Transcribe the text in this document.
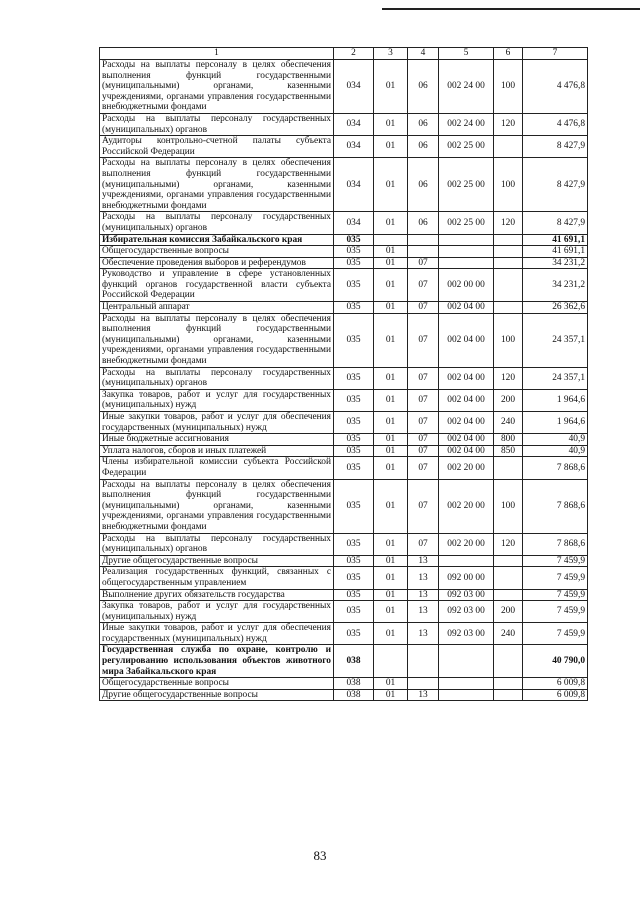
1	2	3	4	5	6	7
Расходы на выплаты персоналу в целях обеспечения выполнения функций государственными (муниципальными) органами, казенными учреждениями, органами управления государственными внебюджетными фондами	034	01	06	002 24 00	100	4 476,8
Расходы на выплаты персоналу государственных (муниципальных) органов	034	01	06	002 24 00	120	4 476,8
Аудиторы контрольно-счетной палаты субъекта Российской Федерации	034	01	06	002 25 00		8 427,9
Расходы на выплаты персоналу в целях обеспечения выполнения функций государственными (муниципальными) органами, казенными учреждениями, органами управления государственными внебюджетными фондами	034	01	06	002 25 00	100	8 427,9
Расходы на выплаты персоналу государственных (муниципальных) органов	034	01	06	002 25 00	120	8 427,9
Избирательная комиссия Забайкальского края	035					41 691,1
Общегосударственные вопросы	035	01				41 691,1
Обеспечение проведения выборов и референдумов	035	01	07			34 231,2
Руководство и управление в сфере установленных функций органов государственной власти субъекта Российской Федерации	035	01	07	002 00 00		34 231,2
Центральный аппарат	035	01	07	002 04 00		26 362,6
Расходы на выплаты персоналу в целях обеспечения выполнения функций государственными (муниципальными) органами, казенными учреждениями, органами управления государственными внебюджетными фондами	035	01	07	002 04 00	100	24 357,1
Расходы на выплаты персоналу государственных (муниципальных) органов	035	01	07	002 04 00	120	24 357,1
Закупка товаров, работ и услуг для государственных (муниципальных) нужд	035	01	07	002 04 00	200	1 964,6
Иные закупки товаров, работ и услуг для обеспечения государственных (муниципальных) нужд	035	01	07	002 04 00	240	1 964,6
Иные бюджетные ассигнования	035	01	07	002 04 00	800	40,9
Уплата налогов, сборов и иных платежей	035	01	07	002 04 00	850	40,9
Члены избирательной комиссии субъекта Российской Федерации	035	01	07	002 20 00		7 868,6
Расходы на выплаты персоналу в целях обеспечения выполнения функций государственными (муниципальными) органами, казенными учреждениями, органами управления государственными внебюджетными фондами	035	01	07	002 20 00	100	7 868,6
Расходы на выплаты персоналу государственных (муниципальных) органов	035	01	07	002 20 00	120	7 868,6
Другие общегосударственные вопросы	035	01	13			7 459,9
Реализация государственных функций, связанных с общегосударственным управлением	035	01	13	092 00 00		7 459,9
Выполнение других обязательств государства	035	01	13	092 03 00		7 459,9
Закупка товаров, работ и услуг для государственных (муниципальных) нужд	035	01	13	092 03 00	200	7 459,9
Иные закупки товаров, работ и услуг для обеспечения государственных (муниципальных) нужд	035	01	13	092 03 00	240	7 459,9
Государственная служба по охране, контролю и регулированию использования объектов животного мира Забайкальского края	038					40 790,0
Общегосударственные вопросы	038	01				6 009,8
Другие общегосударственные вопросы	038	01	13			6 009,8
83
